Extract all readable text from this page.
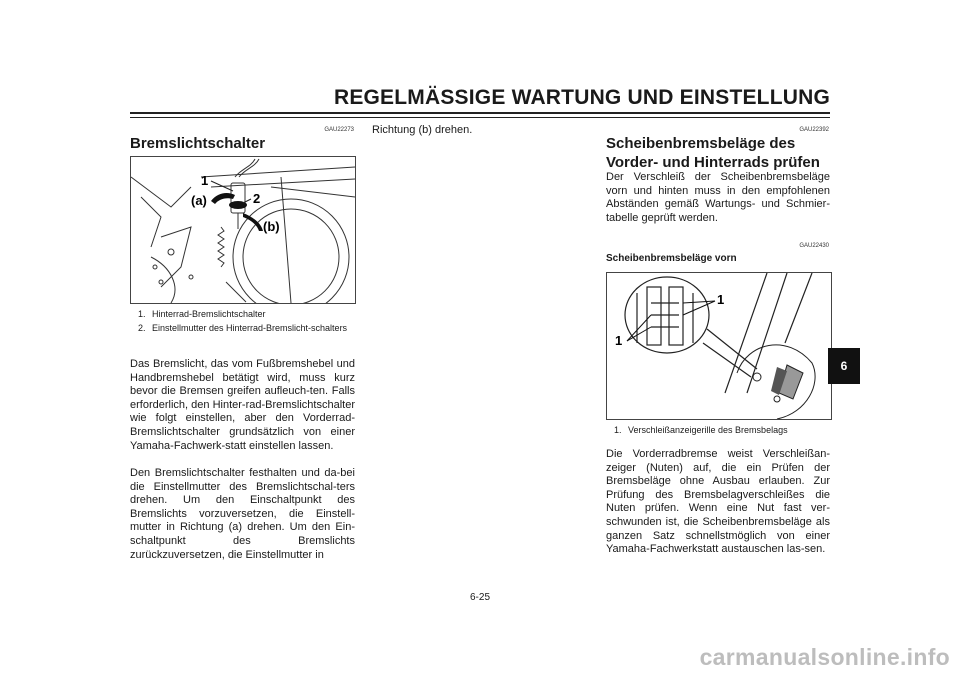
REGELMÄSSIGE WARTUNG UND EINSTELLUNG
GAU22273
Bremslichtschalter
1
2
(a)
(b)
1. Hinterrad-Bremslichtschalter
2. Einstellmutter des Hinterrad-Bremslicht-schalters
Das Bremslicht, das vom Fußbremshebel und Handbremshebel betätigt wird, muss kurz bevor die Bremsen greifen aufleuch-ten. Falls erforderlich, den Hinter-rad-Bremslichtschalter wie folgt einstellen, aber den Vorderrad-Bremslichtschalter grundsätzlich von einer Yamaha-Fachwerk-statt einstellen lassen.
Den Bremslichtschalter festhalten und da-bei die Einstellmutter des Bremslichtschal-ters drehen. Um den Einschaltpunkt des Bremslichts vorzuversetzen, die Einstell-mutter in Richtung (a) drehen. Um den Ein-schaltpunkt des Bremslichts zurückzuversetzen, die Einstellmutter in
Richtung (b) drehen.	GAU22392
Scheibenbremsbeläge des
Vorder- und Hinterrads prüfen
Der Verschleiß der Scheibenbremsbeläge vorn und hinten muss in den empfohlenen Abständen gemäß Wartungs- und Schmier-tabelle geprüft werden.
GAU22430
Scheibenbremsbeläge vorn
1
1
1. Verschleißanzeigerille des Bremsbelags
Die Vorderradbremse weist Verschleißan-zeiger (Nuten) auf, die ein Prüfen der Bremsbeläge ohne Ausbau erlauben. Zur Prüfung des Bremsbelagverschleißes die Nuten prüfen. Wenn eine Nut fast ver-schwunden ist, die Scheibenbremsbeläge als ganzen Satz schnellstmöglich von einer Yamaha-Fachwerkstatt austauschen las-sen.
6
6-25
carmanualsonline.info
